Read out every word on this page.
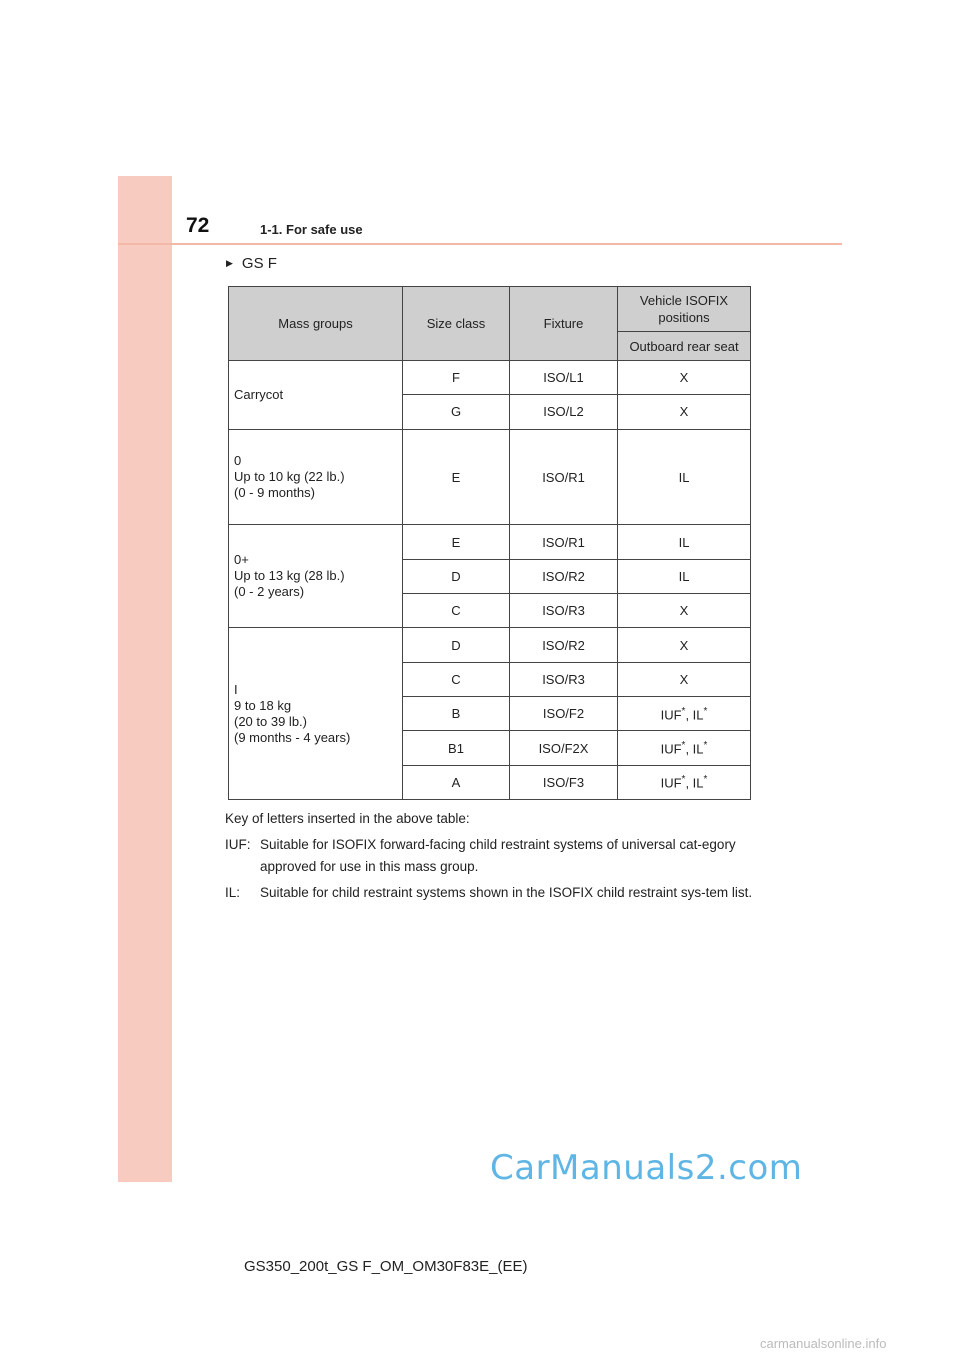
72	1-1. For safe use
▶ GS F
Mass groups	Size class	Fixture	Vehicle ISOFIX positions
			Outboard rear seat
Carrycot	F	ISO/L1	X
	G	ISO/L2	X
0
Up to 10 kg (22 lb.)
(0 - 9 months)	E	ISO/R1	IL
0+
Up to 13 kg (28 lb.)
(0 - 2 years)	E	ISO/R1	IL
	D	ISO/R2	IL
	C	ISO/R3	X
I
9 to 18 kg
(20 to 39 lb.)
(9 months - 4 years)	D	ISO/R2	X
	C	ISO/R3	X
	B	ISO/F2	IUF*, IL*
	B1	ISO/F2X	IUF*, IL*
	A	ISO/F3	IUF*, IL*

Key of letters inserted in the above table:

IUF: Suitable for ISOFIX forward-facing child restraint systems of universal cat-egory approved for use in this mass group.
IL:	Suitable for child restraint systems shown in the ISOFIX child restraint sys-tem list.
CarManuals2.com
GS350_200t_GS F_OM_OM30F83E_(EE)
carmanualsonline.info
